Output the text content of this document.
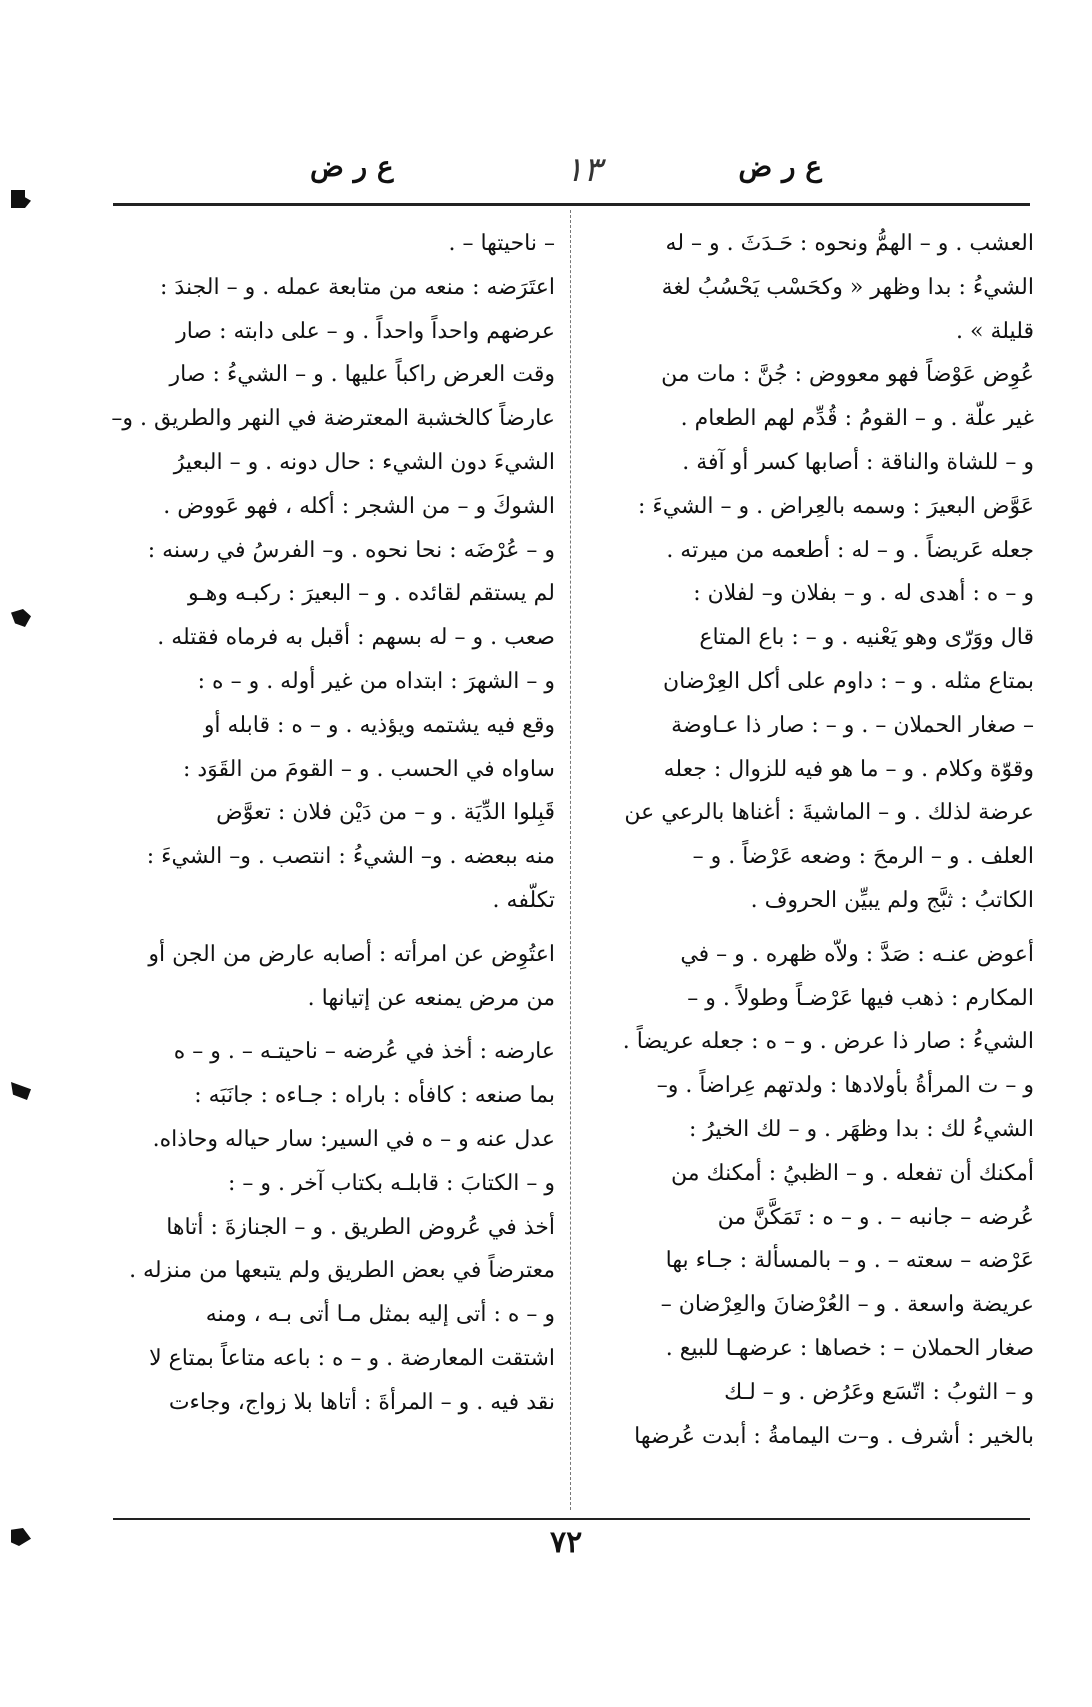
ع ر ض
۱۳
ع ر ض

العشب . و – الهمُّ ونحوه : حَـدَثَ . و – له

الشيءُ : بدا وظهر « وكحَسْب يَحْسُبُ لغة

قليلة » .

عُوِض عَوْضاً فهو معووض : جُنَّ : مات من

غير علّة . و – القومُ : قُدِّم لهم الطعام .

و – للشاة والناقة : أصابها كسر أو آفة .

عَوَّض البعيرَ : وسمه بالعِراض . و – الشيءَ :

جعله عَريضاً . و – له : أطعمه من ميرته .

و – ه : أهدى له . و – بفلان و– لفلان :

قال ووَرّى وهو يَعْنيه . و – : باع المتاع

بمتاع مثله . و – : داوم على أكل العِرْضان

– صغار الحملان – . و – : صار ذا عـاوضة

وقوّة وكلام . و – ما هو فيه للزوال : جعله

عرضة لذلك . و – الماشيةَ : أغناها بالرعي عن

العلف . و – الرمحَ : وضعه عَرْضاً . و –

الكاتبُ : ثبَّج ولم يبيِّن الحروف .

أعوض عنـه : صَدَّ : ولاّه ظهره . و – في

المكارم : ذهب فيها عَرْضـاً وطولاً . و –

الشيءُ : صار ذا عرض . و – ه : جعله عريضاً .

و – ت المرأةُ بأولادها : ولدتهم عِراضاً . و–

الشيءُ لك : بدا وظهَر . و – لك الخيرُ :

أمكنك أن تفعله . و – الظبيُ : أمكنك من

عُرضه – جانبه – . و – ه : تَمَكَّنَّ من

عَرْضه – سعته – . و – بالمسألة : جـاء بها

عريضة واسعة . و – العُرْضانَ والعِرْضان –

صغار الحملان – : خصاها : عرضهـا للبيع .

و – الثوبُ : اتّسَع وعَرُض . و – لـك

بالخير : أشرف . و–ت اليمامةُ : أبدت عُرضها

– ناحيتها – .

اعتَرَضه : منعه من متابعة عمله . و – الجندَ :

عرضهم واحداً واحداً . و – على دابته : صار

وقت العرض راكباً عليها . و – الشيءُ : صار

عارضاً كالخشبة المعترضة في النهر والطريق . و–

الشيءَ دون الشيء : حال دونه . و – البعيرُ

الشوكَ و – من الشجر : أكله ، فهو عَووض .

و – عُرْضَه : نحا نحوه . و– الفرسُ في رسنه :

لم يستقم لقائده . و – البعيرَ : ركبـه وهـو

صعب . و – له بسهم : أقبل به فرماه فقتله .

و – الشهرَ : ابتداه من غير أوله . و – ه :

وقع فيه يشتمه ويؤذيه . و – ه : قابله أو

ساواه في الحسب . و – القومَ من القَوَد :

قَبِلوا الدِّيَة . و – من دَيْن فلان : تعوَّض

منه ببعضه . و– الشيءُ : انتصب . و– الشيءَ :

تكلّفه .

اعتُوِض عن امرأته : أصابه عارض من الجن أو

من مرض يمنعه عن إتيانها .

عارضه : أخذ في عُرضه – ناحيتـه – . و – ه

بما صنعه : كافأه : باراه : جـاءه : جانَبَه :

عدل عنه و – ه في السير: سار حياله وحاذاه.

و – الكتابَ : قابلـه بكتاب آخر . و – :

أخذ في عُروض الطريق . و – الجنازةَ : أتاها

معترضاً في بعض الطريق ولم يتبعها من منزله .

و – ه : أتى إليه بمثل مـا أتى بـه ، ومنه

اشتقت المعارضة . و – ه : باعه متاعاً بمتاع لا

نقد فيه . و – المرأةَ : أتاها بلا زواج، وجاءت

٧٢
